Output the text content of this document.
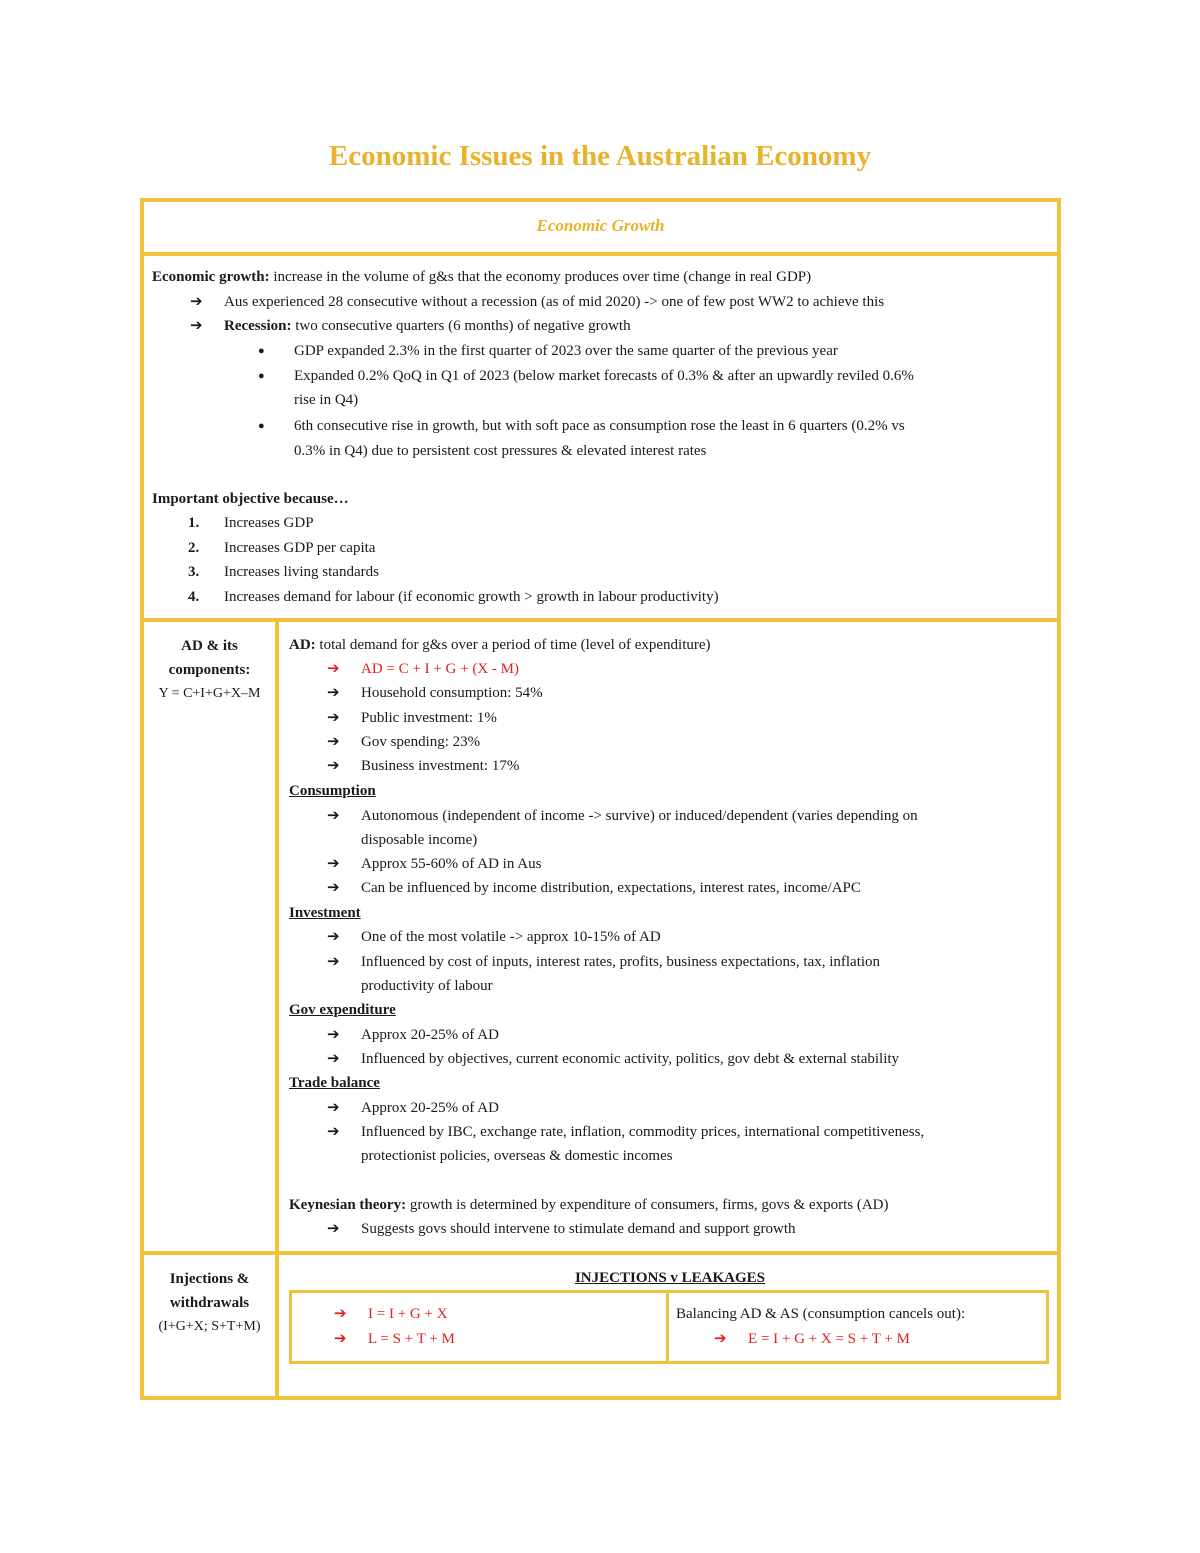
Economic Issues in the Australian Economy
Economic Growth
Economic growth: increase in the volume of g&s that the economy produces over time (change in real GDP)
➔ Aus experienced 28 consecutive without a recession (as of mid 2020) -> one of few post WW2 to achieve this
➔ Recession: two consecutive quarters (6 months) of negative growth
● GDP expanded 2.3% in the first quarter of 2023 over the same quarter of the previous year
● Expanded 0.2% QoQ in Q1 of 2023 (below market forecasts of 0.3% & after an upwardly reviled 0.6%
rise in Q4)
● 6th consecutive rise in growth, but with soft pace as consumption rose the least in 6 quarters (0.2% vs
0.3% in Q4) due to persistent cost pressures & elevated interest rates
Important objective because…
1. Increases GDP
2. Increases GDP per capita
3. Increases living standards
4. Increases demand for labour (if economic growth > growth in labour productivity)
AD & its
components:
Y = C+I+G+X–M
AD: total demand for g&s over a period of time (level of expenditure)
➔ AD = C + I + G + (X - M)
➔ Household consumption: 54%
➔ Public investment: 1%
➔ Gov spending: 23%
➔ Business investment: 17%
Consumption
➔ Autonomous (independent of income -> survive) or induced/dependent (varies depending on
disposable income)
➔ Approx 55-60% of AD in Aus
➔ Can be influenced by income distribution, expectations, interest rates, income/APC
Investment
➔ One of the most volatile -> approx 10-15% of AD
➔ Influenced by cost of inputs, interest rates, profits, business expectations, tax, inflation
productivity of labour
Gov expenditure
➔ Approx 20-25% of AD
➔ Influenced by objectives, current economic activity, politics, gov debt & external stability
Trade balance
➔ Approx 20-25% of AD
➔ Influenced by IBC, exchange rate, inflation, commodity prices, international competitiveness,
protectionist policies, overseas & domestic incomes
Keynesian theory: growth is determined by expenditure of consumers, firms, govs & exports (AD)
➔ Suggests govs should intervene to stimulate demand and support growth
Injections &
withdrawals
(I+G+X; S+T+M)
INJECTIONS v LEAKAGES
➔ I = I + G + X
➔ L = S + T + M
Balancing AD & AS (consumption cancels out):
➔ E = I + G + X = S + T + M
